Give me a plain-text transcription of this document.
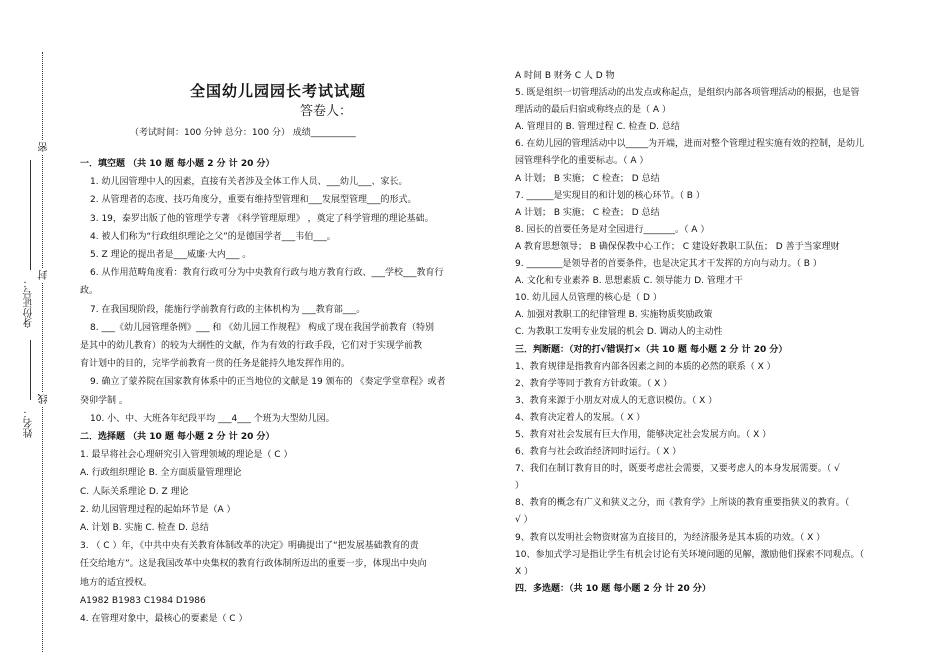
密
封
线
身份证号：
姓名：
全国幼儿园园长考试试题
答卷人：
（考试时间：100 分钟 总分：100 分） 成绩__________

一．填空题 （共 10 题 每小题 2 分 计 20 分）

1. 幼儿园管理中人的因素，直接有关者涉及全体工作人员、___幼儿___、家长。

2. 从管理者的态度、技巧角度分，重要有维持型管理和___发展型管理___的形式。

3. 19，泰罗出版了他的管理学专著 《科学管理原理》 ，奠定了科学管理的理论基础。

4. 被人们称为“行政组织理论之父”的是德国学者___韦伯___。

5. Z 理论的提出者是___威廉·大内___ 。

6. 从作用范畴角度看：教育行政可分为中央教育行政与地方教育行政、___学校___教育行

政。

7. 在我国现阶段，能施行学前教育行政的主体机构为 ___教育部___。

8. ___《幼儿园管理条例》___ 和 《幼儿园工作规程》 构成了现在我国学前教育（特别

是其中的幼儿教育）的较为大纲性的文献，作为有效的行政手段，它们对于实现学前教

育计划中的目的，完毕学前教育一贯的任务是能持久地发挥作用的。

9. 确立了蒙养院在国家教育体系中的正当地位的文献是 19 颁布的 《奏定学堂章程》或者

癸卯学制 。

10. 小、中、大班各年纪段平均 ___4___ 个班为大型幼儿园。

二．选择题 （共 10 题 每小题 2 分 计 20 分）

1. 最早将社会心理研究引入管理领域的理论是（ C ）

A. 行政组织理论 B. 全方面质量管理理论

C. 人际关系理论 D. Z 理论

2. 幼儿园管理过程的起始环节是（A ）

A. 计划 B. 实施 C. 检查 D. 总结

3. （ C ）年，《中共中央有关教育体制改革的决定》明确提出了“把发展基础教育的责

任交给地方”。这是我国改革中央集权的教育行政体制所迈出的重要一步，体现出中央向

地方的适宜授权。

A1982 B1983 C1984 D1986

4. 在管理对象中，最核心的要素是（ C ）

A 时间 B 财务 C 人 D 物

5. 既是组织一切管理活动的出发点或称起点，是组织内部各项管理活动的根据，也是管

理活动的最后归宿或称终点的是（ A ）

A. 管理目的 B. 管理过程 C. 检查 D. 总结

6. 在幼儿园的管理活动中以_____为开端，进而对整个管理过程实施有效的控制，是幼儿

园管理科学化的重要标志。（ A ）

A 计划； B 实施； C 检查； D 总结

7. ______是实现目的和计划的核心环节。（ B ）

A 计划； B 实施； C 检查； D 总结

8. 园长的首要任务是对全园进行_______。（ A ）

A 教育思想领导； B 确保保教中心工作； C 建设好教职工队伍； D 善于当家理财

9. ________是领导者的首要条件，也是决定其才干发挥的方向与动力。（ B ）

A. 文化和专业素养 B. 思想素质 C. 领导能力 D. 管理才干

10. 幼儿园人员管理的核心是（ D ）

A. 加强对教职工的纪律管理 B. 实施物质奖励政策

C. 为教职工发明专业发展的机会 D. 调动人的主动性

三．判断题：（对的打√错误打×（共 10 题 每小题 2 分 计 20 分）

1、教育规律是指教育内部各因素之间的本质的必然的联系（ X ）

2、教育学等同于教育方针政策。（ X ）

3、教育来源于小朋友对成人的无意识模仿。（ X ）

4、教育决定着人的发展。（ X ）

5、教育对社会发展有巨大作用，能够决定社会发展方向。（ X ）

6、教育与社会政治经济同时运行。（ X ）

7、我们在制订教育目的时，既要考虑社会需要，又要考虑人的本身发展需要。（ √

）

8、教育的概念有广义和狭义之分，而《教育学》上所谈的教育重要指狭义的教育。（

√ ）

9、教育以发明社会物资财富为直接目的，为经济服务是其本质的功效。（ X ）

10、参加式学习是指让学生有机会讨论有关环境问题的见解，激励他们探索不同观点。（

X ）

四．多选题：（共 10 题 每小题 2 分 计 20 分）
